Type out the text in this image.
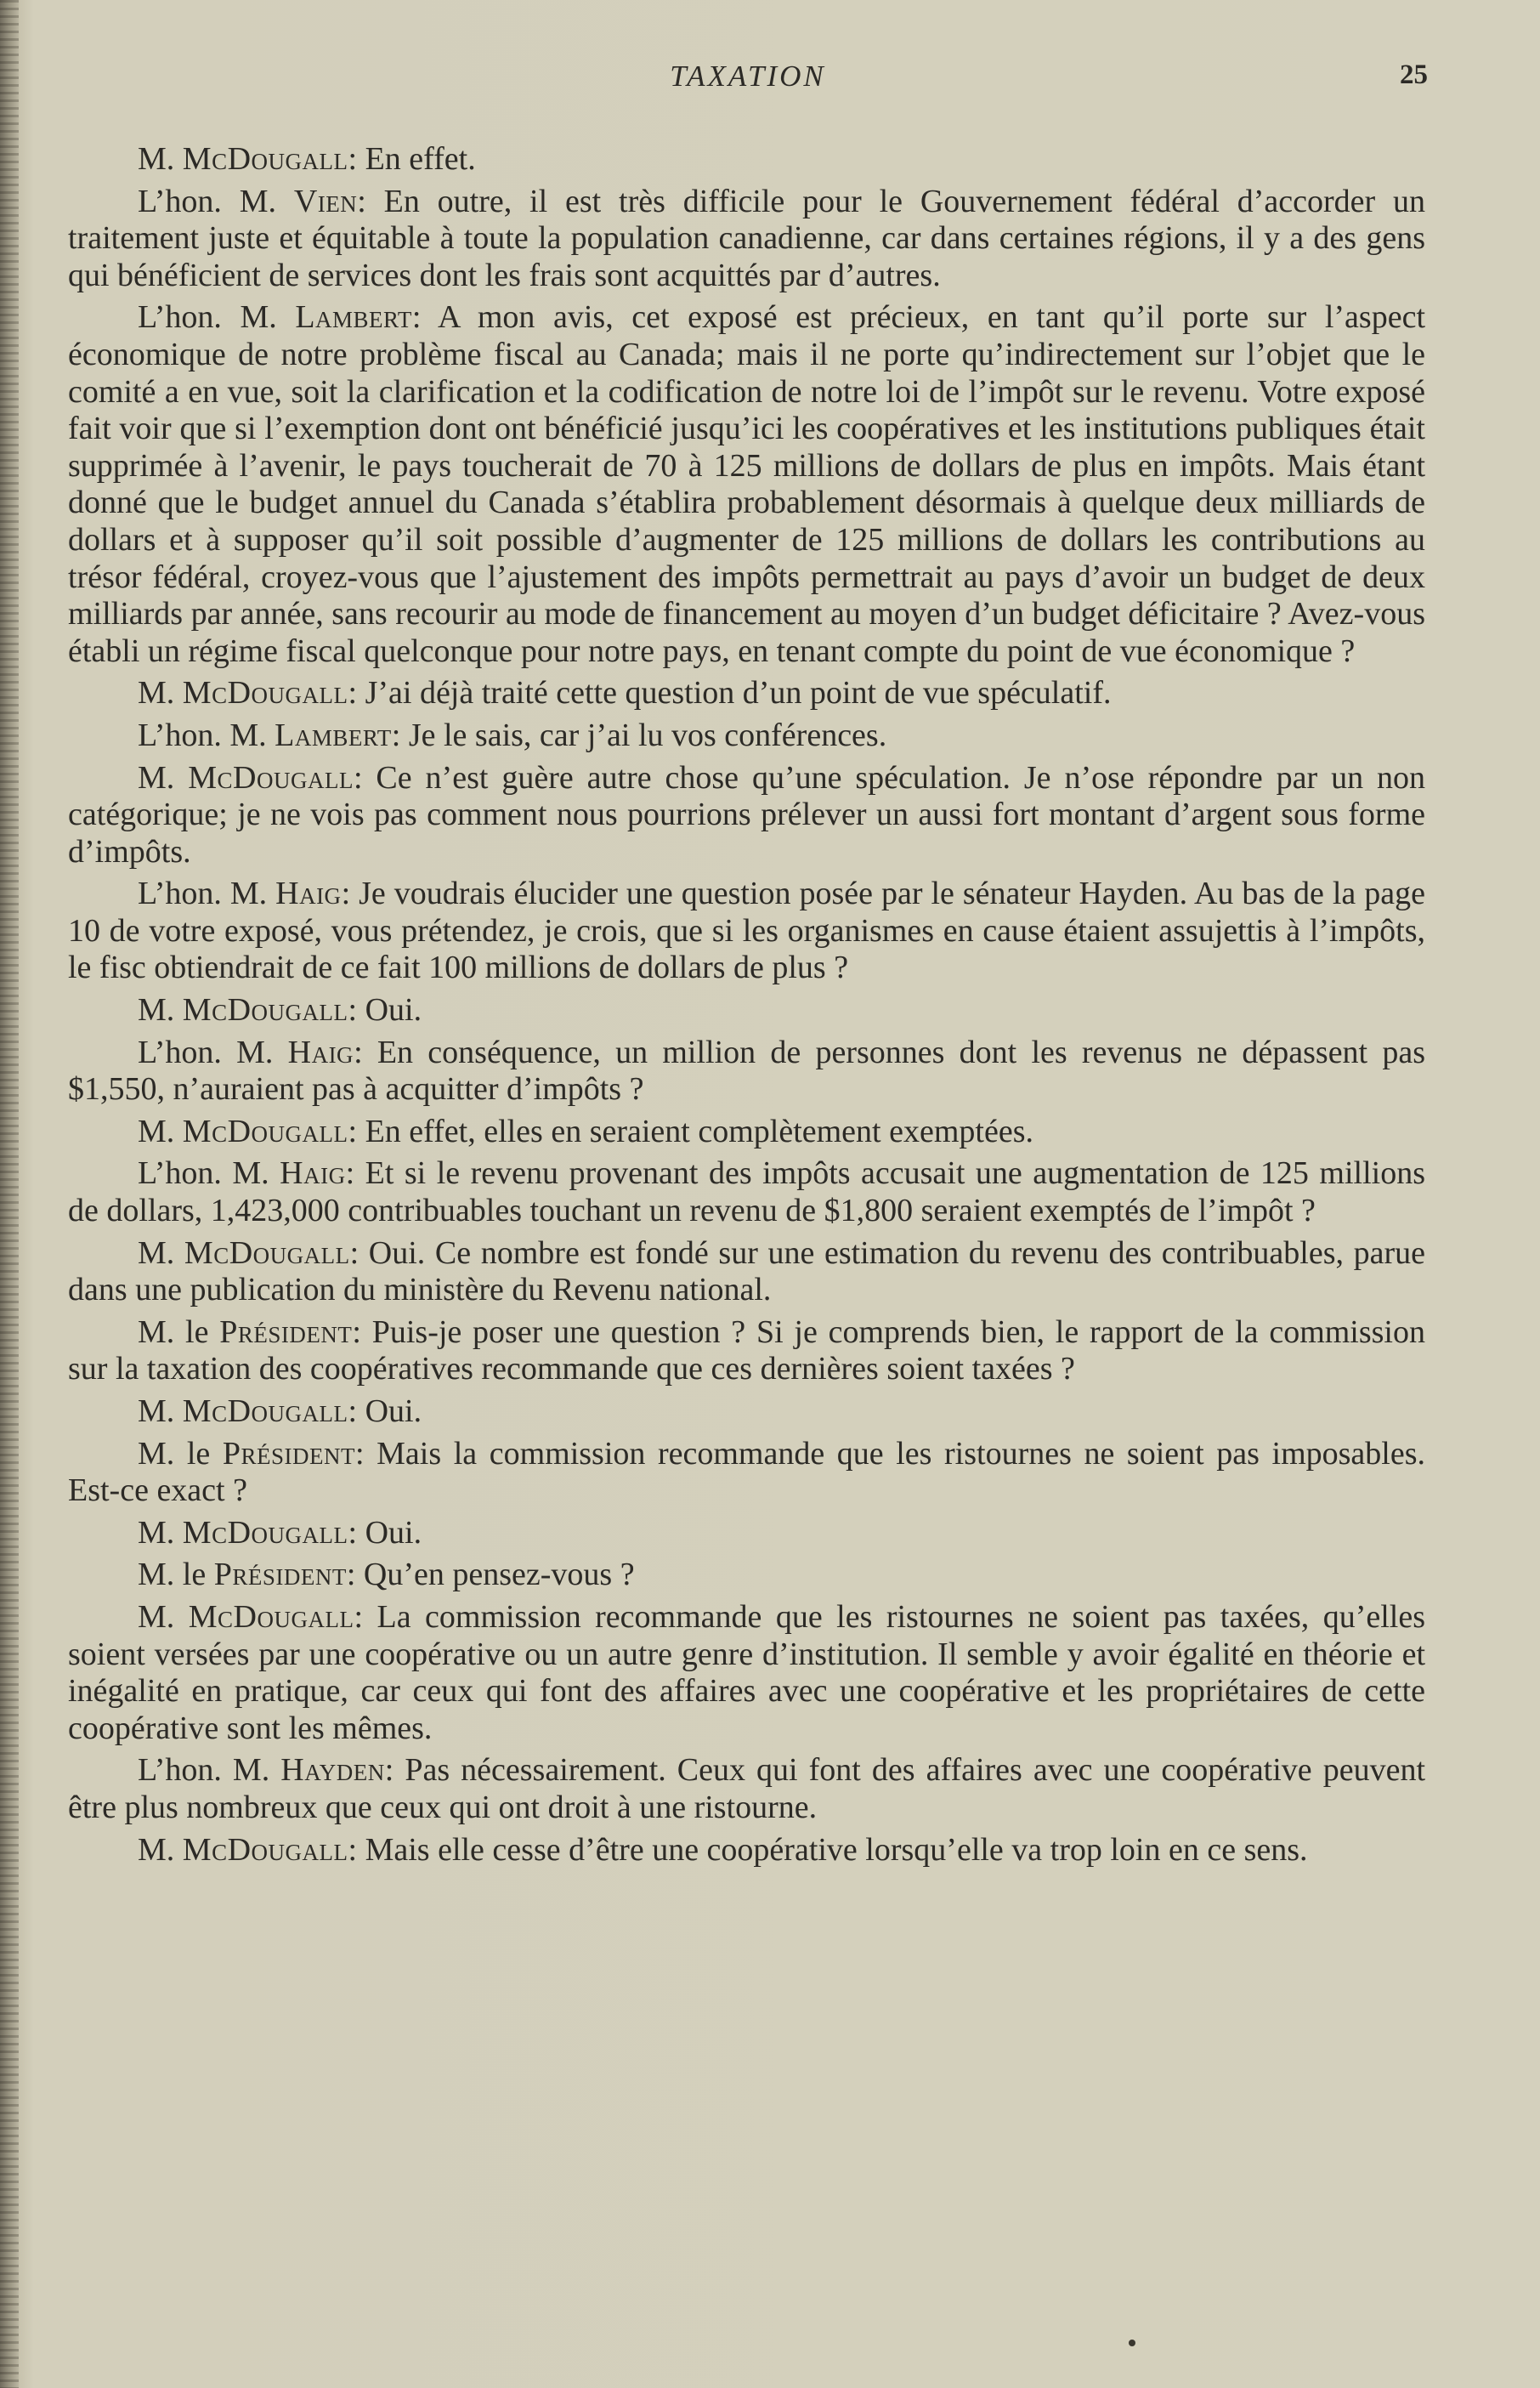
TAXATION	25

M. McDougall: En effet.

L’hon. M. Vien: En outre, il est très difficile pour le Gouvernement fédéral d’accorder un traitement juste et équitable à toute la population canadienne, car dans certaines régions, il y a des gens qui bénéficient de services dont les frais sont acquittés par d’autres.

L’hon. M. Lambert: A mon avis, cet exposé est précieux, en tant qu’il porte sur l’aspect économique de notre problème fiscal au Canada; mais il ne porte qu’indirectement sur l’objet que le comité a en vue, soit la clarification et la codification de notre loi de l’impôt sur le revenu. Votre exposé fait voir que si l’exemption dont ont bénéficié jusqu’ici les coopératives et les institutions publiques était supprimée à l’avenir, le pays toucherait de 70 à 125 millions de dollars de plus en impôts. Mais étant donné que le budget annuel du Canada s’établira probablement désormais à quelque deux milliards de dollars et à supposer qu’il soit possible d’augmenter de 125 millions de dollars les contributions au trésor fédéral, croyez-vous que l’ajustement des impôts permettrait au pays d’avoir un budget de deux milliards par année, sans recourir au mode de financement au moyen d’un budget déficitaire ? Avez-vous établi un régime fiscal quelconque pour notre pays, en tenant compte du point de vue économique ?

M. McDougall: J’ai déjà traité cette question d’un point de vue spéculatif.

L’hon. M. Lambert: Je le sais, car j’ai lu vos conférences.

M. McDougall: Ce n’est guère autre chose qu’une spéculation. Je n’ose répondre par un non catégorique; je ne vois pas comment nous pourrions prélever un aussi fort montant d’argent sous forme d’impôts.

L’hon. M. Haig: Je voudrais élucider une question posée par le sénateur Hayden. Au bas de la page 10 de votre exposé, vous prétendez, je crois, que si les organismes en cause étaient assujettis à l’impôts, le fisc obtiendrait de ce fait 100 millions de dollars de plus ?

M. McDougall: Oui.

L’hon. M. Haig: En conséquence, un million de personnes dont les revenus ne dépassent pas $1,550, n’auraient pas à acquitter d’impôts ?

M. McDougall: En effet, elles en seraient complètement exemptées.

L’hon. M. Haig: Et si le revenu provenant des impôts accusait une augmentation de 125 millions de dollars, 1,423,000 contribuables touchant un revenu de $1,800 seraient exemptés de l’impôt ?

M. McDougall: Oui. Ce nombre est fondé sur une estimation du revenu des contribuables, parue dans une publication du ministère du Revenu national.

M. le Président: Puis-je poser une question ? Si je comprends bien, le rapport de la commission sur la taxation des coopératives recommande que ces dernières soient taxées ?

M. McDougall: Oui.

M. le Président: Mais la commission recommande que les ristournes ne soient pas imposables. Est-ce exact ?

M. McDougall: Oui.

M. le Président: Qu’en pensez-vous ?

M. McDougall: La commission recommande que les ristournes ne soient pas taxées, qu’elles soient versées par une coopérative ou un autre genre d’institution. Il semble y avoir égalité en théorie et inégalité en pratique, car ceux qui font des affaires avec une coopérative et les propriétaires de cette coopérative sont les mêmes.

L’hon. M. Hayden: Pas nécessairement. Ceux qui font des affaires avec une coopérative peuvent être plus nombreux que ceux qui ont droit à une ristourne.

M. McDougall: Mais elle cesse d’être une coopérative lorsqu’elle va trop loin en ce sens.
